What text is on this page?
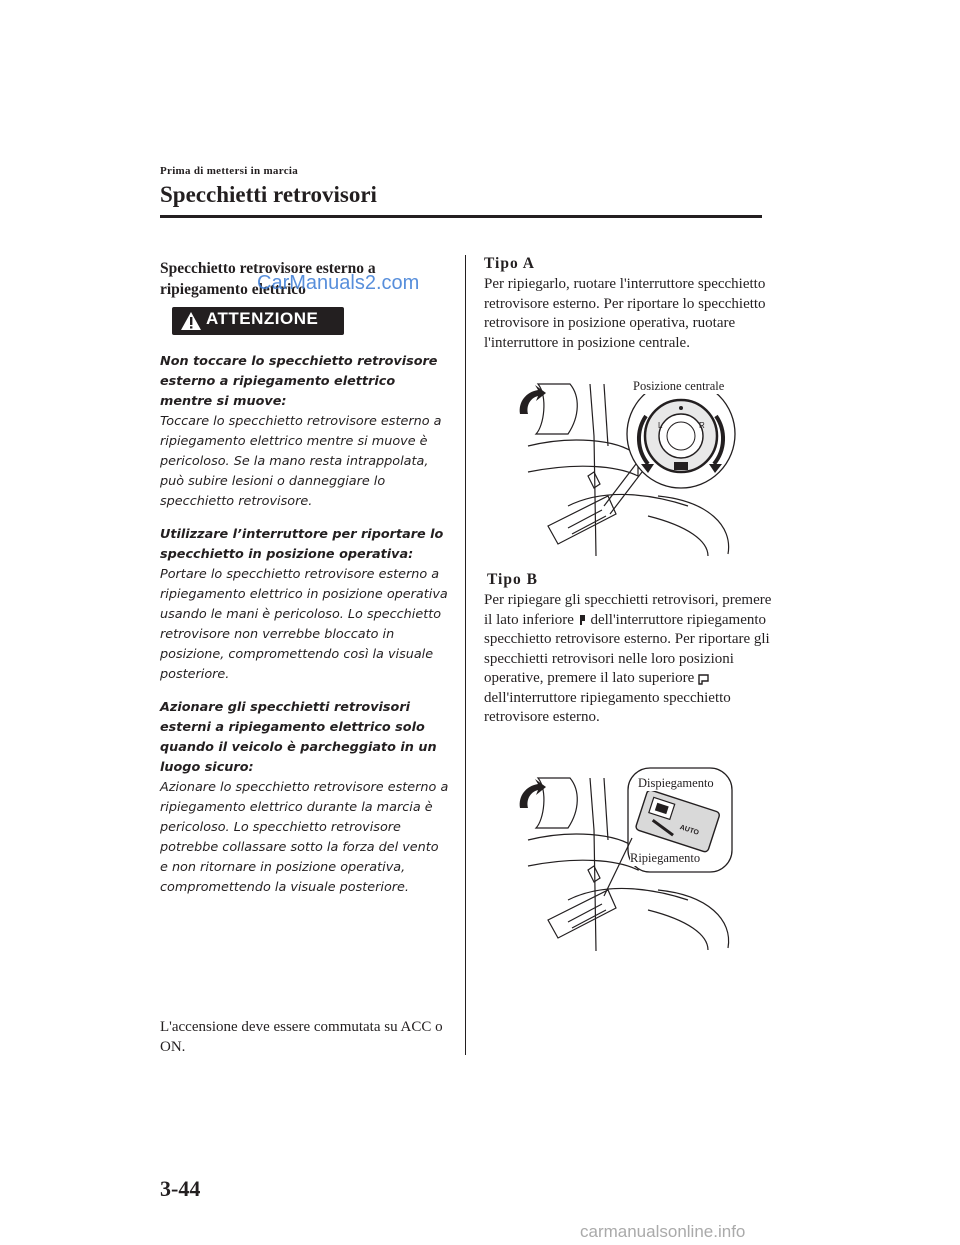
Prima di mettersi in marcia
Specchietti retrovisori
Specchietto retrovisore esterno a ripiegamento elettrico
CarManuals2.com
ATTENZIONE

Non toccare lo specchietto retrovisore esterno a ripiegamento elettrico mentre si muove:
Toccare lo specchietto retrovisore esterno a ripiegamento elettrico mentre si muove è pericoloso. Se la mano resta intrappolata, può subire lesioni o danneggiare lo specchietto retrovisore.

Utilizzare l’interruttore per riportare lo specchietto in posizione operativa:
Portare lo specchietto retrovisore esterno a ripiegamento elettrico in posizione operativa usando le mani è pericoloso. Lo specchietto retrovisore non verrebbe bloccato in posizione, compromettendo così la visuale posteriore.

Azionare gli specchietti retrovisori esterni a ripiegamento elettrico solo quando il veicolo è parcheggiato in un luogo sicuro:
Azionare lo specchietto retrovisore esterno a ripiegamento elettrico durante la marcia è pericoloso. Lo specchietto retrovisore potrebbe collassare sotto la forza del vento e non ritornare in posizione operativa, compromettendo la visuale posteriore.

L'accensione deve essere commutata su ACC o ON.

Tipo A

Per ripiegarlo, ruotare l'interruttore specchietto retrovisore esterno. Per riportare lo specchietto retrovisore in posizione operativa, ruotare l'interruttore in posizione centrale.

L	R
Posizione centrale
Tipo B

Per ripiegare gli specchietti retrovisori, premere il lato inferiore dell'interruttore ripiegamento specchietto retrovisore esterno. Per riportare gli specchietti retrovisori nelle loro posizioni operative, premere il lato superiore  dell'interruttore ripiegamento specchietto retrovisore esterno.

AUTO
Dispiegamento
Ripiegamento
3-44
carmanualsonline.info
